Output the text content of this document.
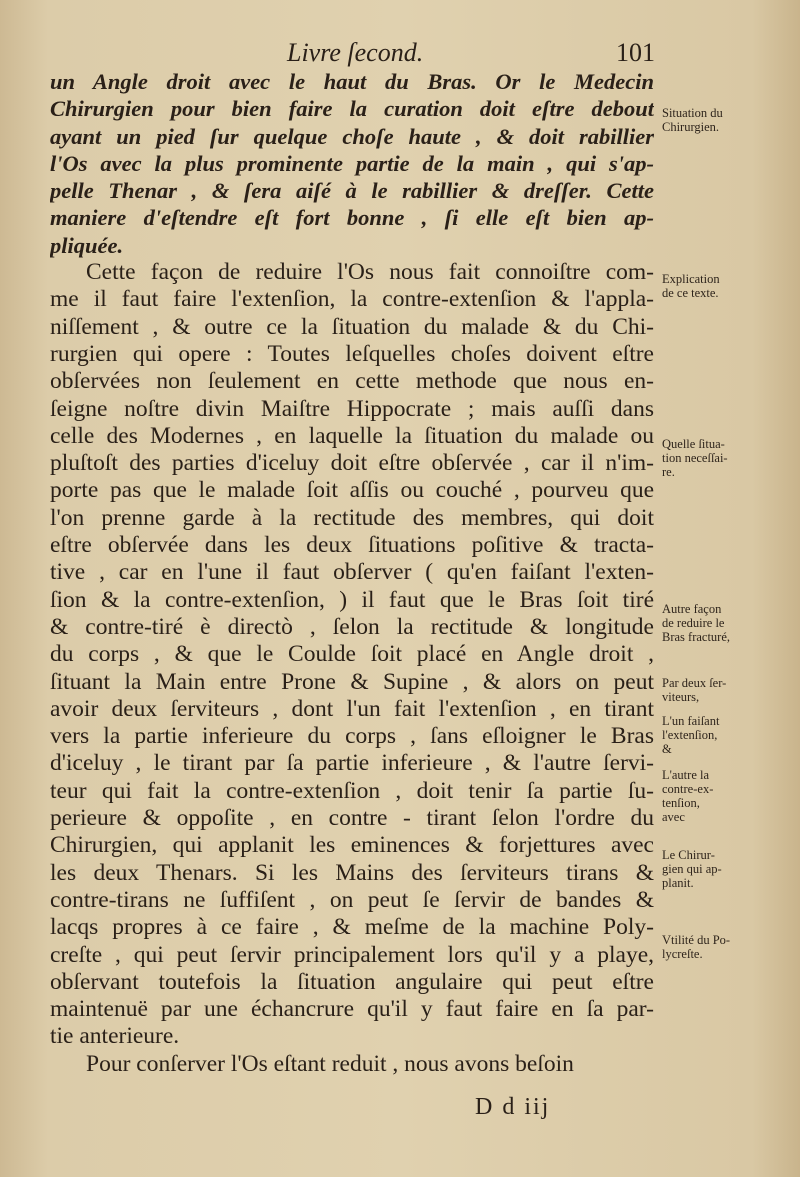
Livre ſecond.	101
un Angle droit avec le haut du Bras. Or le Medecin
Chirurgien pour bien faire la curation doit eſtre debout
ayant un pied ſur quelque choſe haute , & doit rabillier
l'Os avec la plus prominente partie de la main , qui s'ap-
pelle Thenar , & ſera aiſé à le rabillier & dreſſer. Cette
maniere d'eſtendre eſt fort bonne , ſi elle eſt bien ap-
pliquée.
Cette façon de reduire l'Os nous fait connoiſtre com-
me il faut faire l'extenſion, la contre-extenſion & l'appla-
niſſement , & outre ce la ſituation du malade & du Chi-
rurgien qui opere : Toutes leſquelles choſes doivent eſtre
obſervées non ſeulement en cette methode que nous en-
ſeigne noſtre divin Maiſtre Hippocrate ; mais auſſi dans
celle des Modernes , en laquelle la ſituation du malade ou
pluſtoſt des parties d'iceluy doit eſtre obſervée , car il n'im-
porte pas que le malade ſoit aſſis ou couché , pourveu que
l'on prenne garde à la rectitude des membres, qui doit
eſtre obſervée dans les deux ſituations poſitive & tracta-
tive , car en l'une il faut obſerver ( qu'en faiſant l'exten-
ſion & la contre-extenſion, ) il faut que le Bras ſoit tiré
& contre-tiré è directò , ſelon la rectitude & longitude
du corps , & que le Coulde ſoit placé en Angle droit ,
ſituant la Main entre Prone & Supine , & alors on peut
avoir deux ſerviteurs , dont l'un fait l'extenſion , en tirant
vers la partie inferieure du corps , ſans eſloigner le Bras
d'iceluy , le tirant par ſa partie inferieure , & l'autre ſervi-
teur qui fait la contre-extenſion , doit tenir ſa partie ſu-
perieure & oppoſite , en contre - tirant ſelon l'ordre du
Chirurgien, qui applanit les eminences & forjettures avec
les deux Thenars. Si les Mains des ſerviteurs tirans &
contre-tirans ne ſuffiſent , on peut ſe ſervir de bandes &
lacqs propres à ce faire , & meſme de la machine Poly-
creſte , qui peut ſervir principalement lors qu'il y a playe,
obſervant toutefois la ſituation angulaire qui peut eſtre
maintenuë par une échancrure qu'il y faut faire en ſa par-
tie anterieure.
Pour conſerver l'Os eſtant reduit , nous avons beſoin
Situation du
Chirurgien.
Explication
de ce texte.
Quelle ſitua-
tion neceſſai-
re.
Autre façon
de reduire le
Bras fracturé,
Par deux ſer-
viteurs,
L'un faiſant
l'extenſion,
&
L'autre la
contre-ex-
tenſion,
avec
Le Chirur-
gien qui ap-
planit.
Vtilité du Po-
lycreſte.
D d iij
